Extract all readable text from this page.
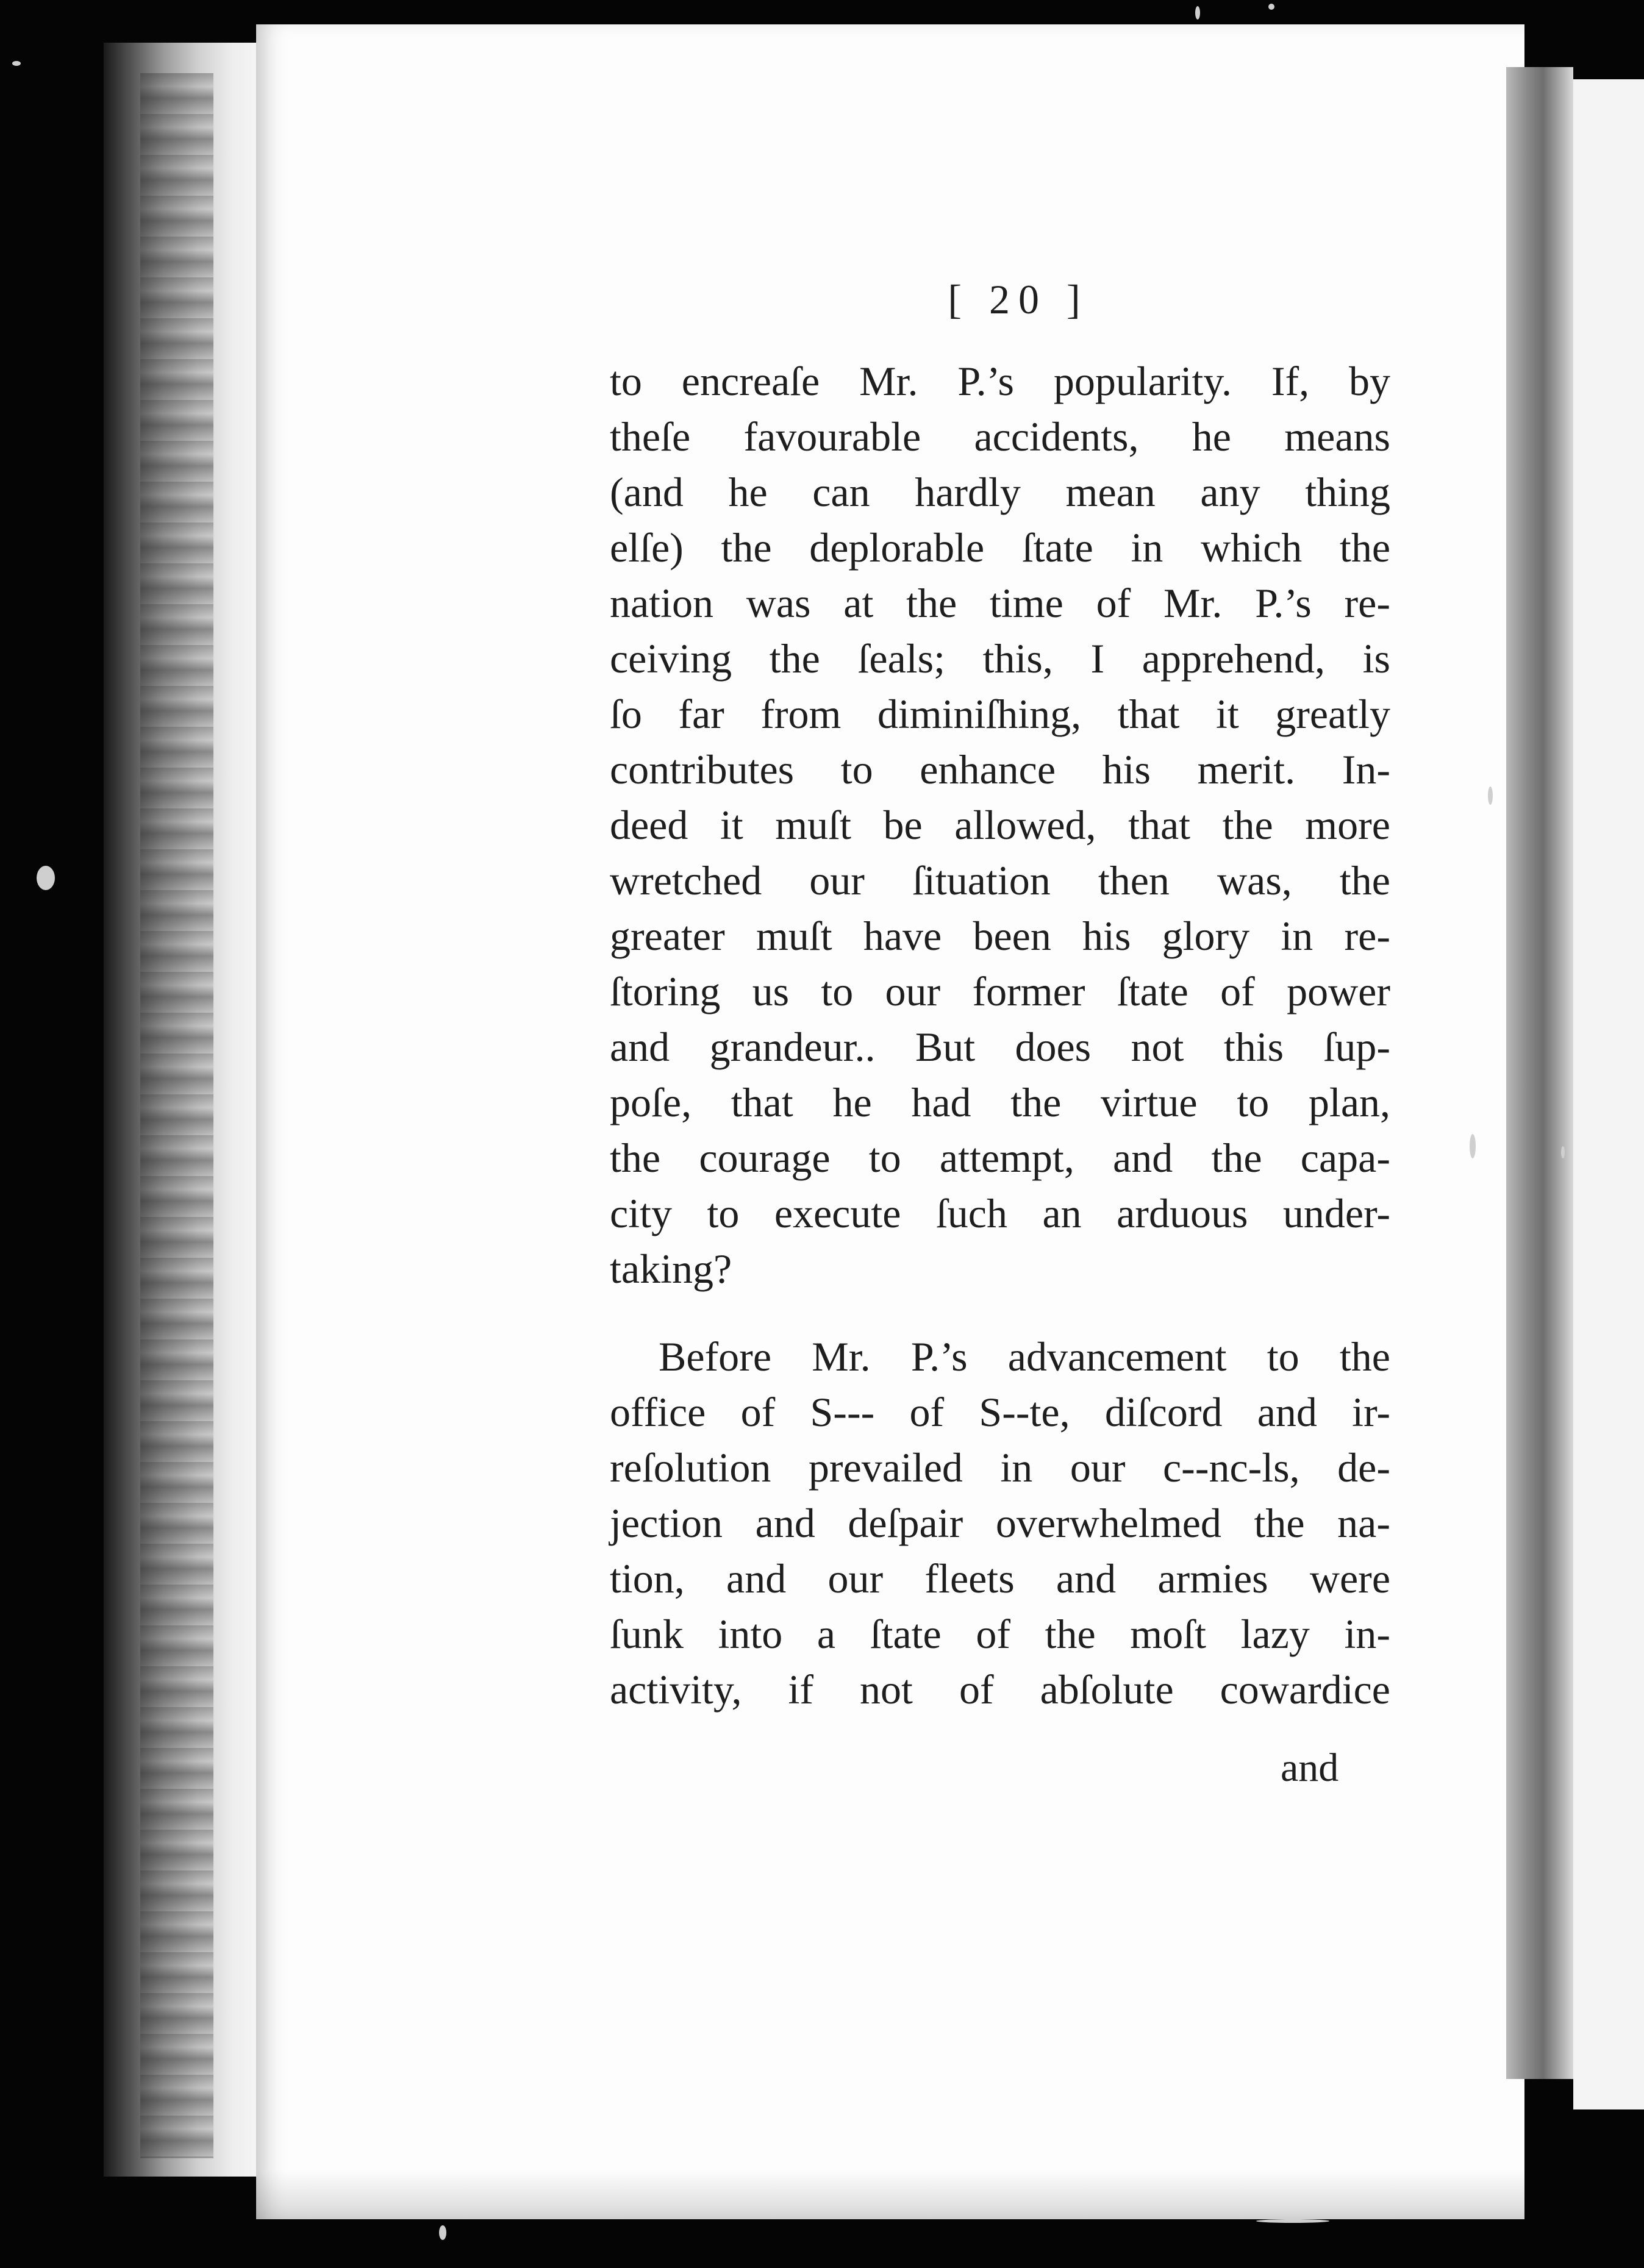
[ 20 ]
to encreaſe Mr. P.’s popularity. If, by
theſe favourable accidents, he means
(and he can hardly mean any thing
elſe) the deplorable ſtate in which the
nation was at the time of Mr. P.’s re-
ceiving the ſeals; this, I apprehend, is
ſo far from diminiſhing, that it greatly
contributes to enhance his merit. In-
deed it muſt be allowed, that the more
wretched our ſituation then was, the
greater muſt have been his glory in re-
ſtoring us to our former ſtate of power
and grandeur.. But does not this ſup-
poſe, that he had the virtue to plan,
the courage to attempt, and the capa-
city to execute ſuch an arduous under-
taking?
Before Mr. P.’s advancement to the
office of S--- of S--te, diſcord and ir-
reſolution prevailed in our c--nc-ls, de-
jection and deſpair overwhelmed the na-
tion, and our fleets and armies were
ſunk into a ſtate of the moſt lazy in-
activity, if not of abſolute cowardice
and
